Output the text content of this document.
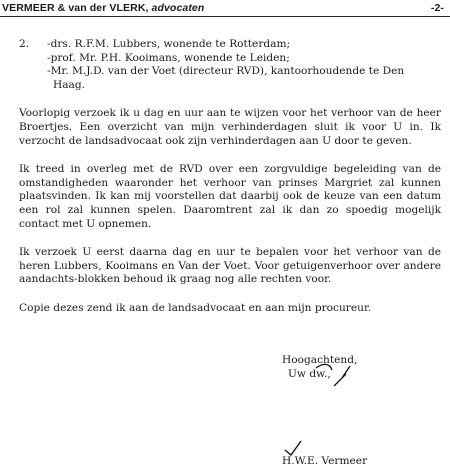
VERMEER & van der VLERK, advocaten	-2-
2. -drs. R.F.M. Lubbers, wonende te Rotterdam;
-prof. Mr. P.H. Kooimans, wonende te Leiden;
-Mr. M.J.D. van der Voet (directeur RVD), kantoorhoudende te Den
Haag.

Voorlopig verzoek ik u dag en uur aan te wijzen voor het verhoor van de heer Broertjes. Een overzicht van mijn verhinderdagen sluit ik voor U in. Ik verzocht de landsadvocaat ook zijn verhinderdagen aan U door te geven.

Ik treed in overleg met de RVD over een zorgvuldige begeleiding van de omstandigheden waaronder het verhoor van prinses Margriet zal kunnen plaatsvinden. Ik kan mij voorstellen dat daarbij ook de keuze van een datum een rol zal kunnen spelen. Daaromtrent zal ik dan zo spoedig mogelijk contact met U opnemen.

Ik verzoek U eerst daarna dag en uur te bepalen voor het verhoor van de heren Lubbers, Kooimans en Van der Voet. Voor getuigenverhoor over andere aandachts-blokken behoud ik graag nog alle rechten voor.

Copie dezes zend ik aan de landsadvocaat en aan mijn procureur.

Hoogachtend,
Uw dw.,
H.W.E. Vermeer
